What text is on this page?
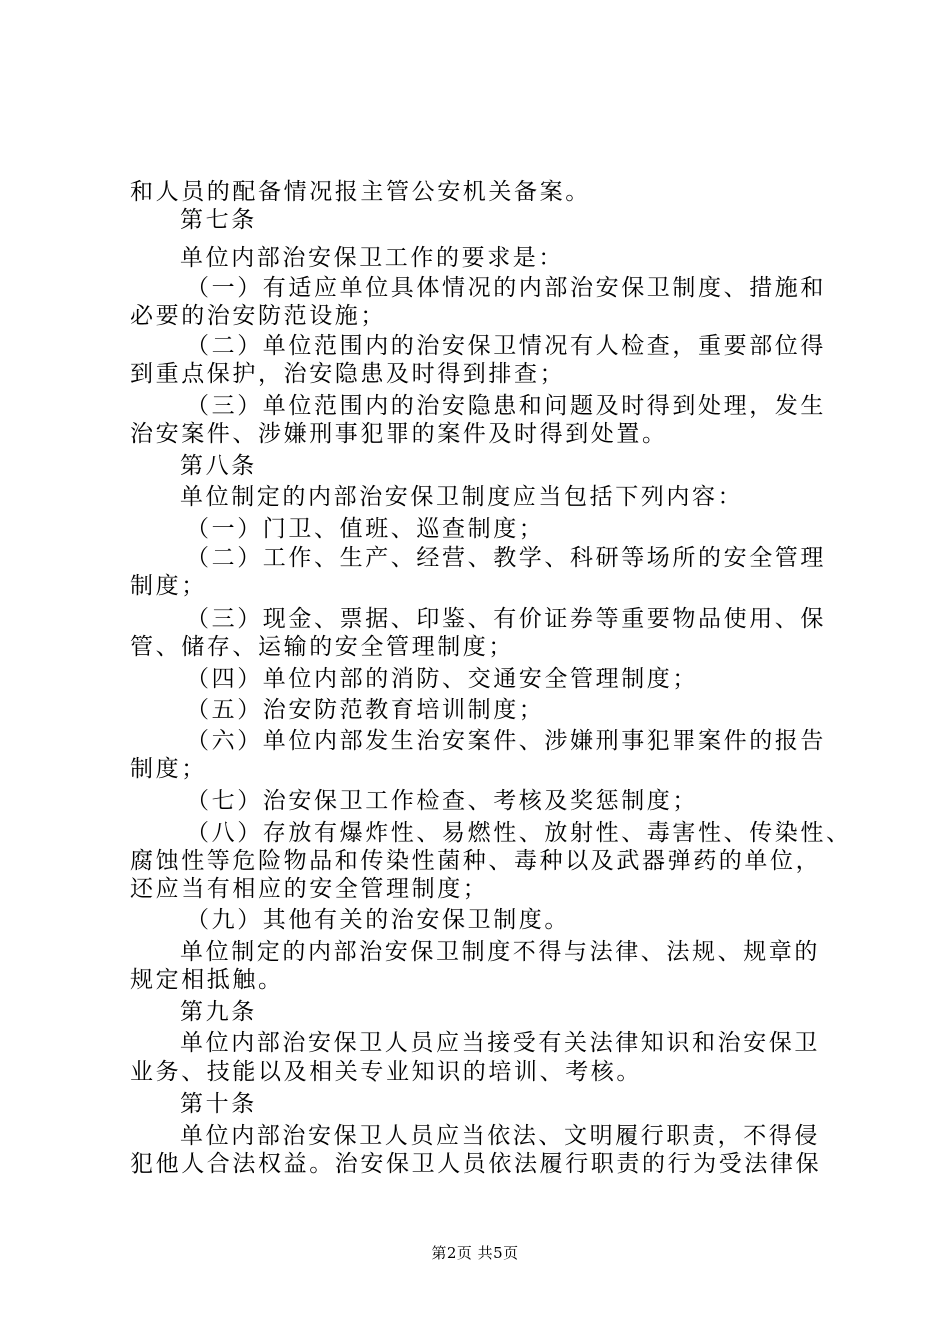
和人员的配备情况报主管公安机关备案。
第七条
单位内部治安保卫工作的要求是：
（一）有适应单位具体情况的内部治安保卫制度、措施和
必要的治安防范设施；
（二）单位范围内的治安保卫情况有人检查，重要部位得
到重点保护，治安隐患及时得到排查；
（三）单位范围内的治安隐患和问题及时得到处理，发生
治安案件、涉嫌刑事犯罪的案件及时得到处置。
第八条
单位制定的内部治安保卫制度应当包括下列内容：
（一）门卫、值班、巡查制度；
（二）工作、生产、经营、教学、科研等场所的安全管理
制度；
（三）现金、票据、印鉴、有价证券等重要物品使用、保
管、储存、运输的安全管理制度；
（四）单位内部的消防、交通安全管理制度；
（五）治安防范教育培训制度；
（六）单位内部发生治安案件、涉嫌刑事犯罪案件的报告
制度；
（七）治安保卫工作检查、考核及奖惩制度；
（八）存放有爆炸性、易燃性、放射性、毒害性、传染性、
腐蚀性等危险物品和传染性菌种、毒种以及武器弹药的单位，
还应当有相应的安全管理制度；
（九）其他有关的治安保卫制度。
单位制定的内部治安保卫制度不得与法律、法规、规章的
规定相抵触。
第九条
单位内部治安保卫人员应当接受有关法律知识和治安保卫
业务、技能以及相关专业知识的培训、考核。
第十条
单位内部治安保卫人员应当依法、文明履行职责，不得侵
犯他人合法权益。治安保卫人员依法履行职责的行为受法律保
第2页 共5页
